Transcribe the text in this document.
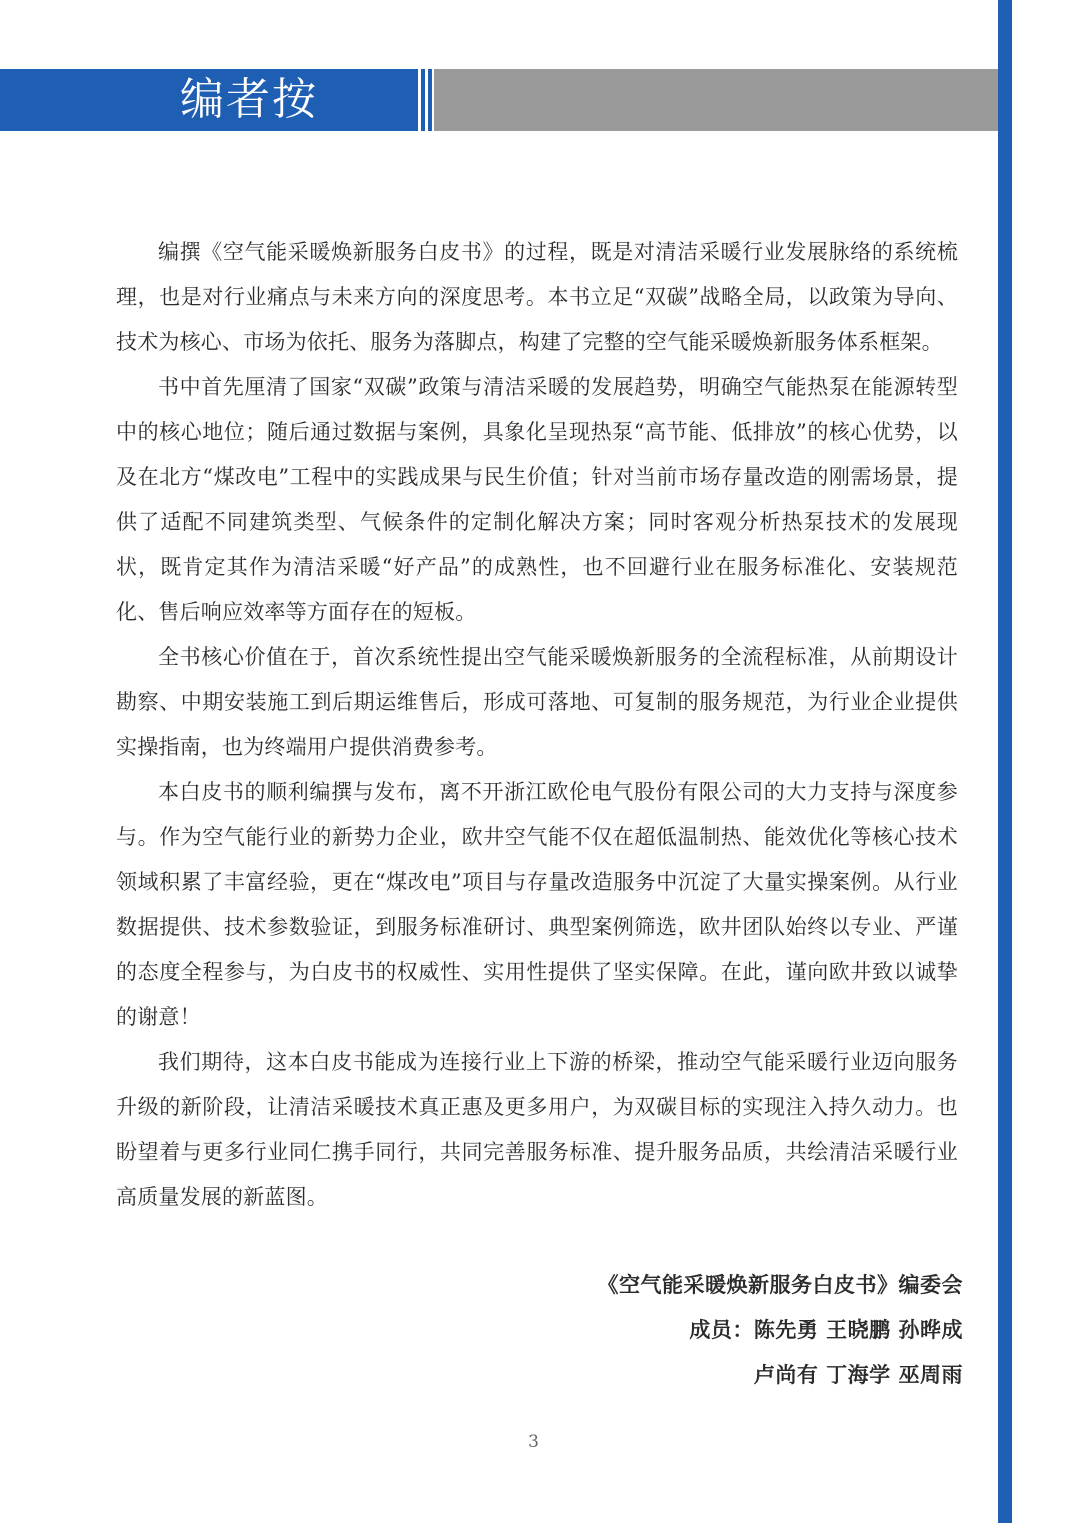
编者按

编撰《空气能采暖焕新服务白皮书》的过程，既是对清洁采暖行业发展脉络的系统梳理，也是对行业痛点与未来方向的深度思考。本书立足“双碳”战略全局，以政策为导向、技术为核心、市场为依托、服务为落脚点，构建了完整的空气能采暖焕新服务体系框架。

书中首先厘清了国家“双碳”政策与清洁采暖的发展趋势，明确空气能热泵在能源转型中的核心地位；随后通过数据与案例，具象化呈现热泵“高节能、低排放”的核心优势，以及在北方“煤改电”工程中的实践成果与民生价值；针对当前市场存量改造的刚需场景，提供了适配不同建筑类型、气候条件的定制化解决方案；同时客观分析热泵技术的发展现状，既肯定其作为清洁采暖“好产品”的成熟性，也不回避行业在服务标准化、安装规范化、售后响应效率等方面存在的短板。

全书核心价值在于，首次系统性提出空气能采暖焕新服务的全流程标准，从前期设计勘察、中期安装施工到后期运维售后，形成可落地、可复制的服务规范，为行业企业提供实操指南，也为终端用户提供消费参考。

本白皮书的顺利编撰与发布，离不开浙江欧伦电气股份有限公司的大力支持与深度参与。作为空气能行业的新势力企业，欧井空气能不仅在超低温制热、能效优化等核心技术领域积累了丰富经验，更在“煤改电”项目与存量改造服务中沉淀了大量实操案例。从行业数据提供、技术参数验证，到服务标准研讨、典型案例筛选，欧井团队始终以专业、严谨的态度全程参与，为白皮书的权威性、实用性提供了坚实保障。在此，谨向欧井致以诚挚的谢意！

我们期待，这本白皮书能成为连接行业上下游的桥梁，推动空气能采暖行业迈向服务升级的新阶段，让清洁采暖技术真正惠及更多用户，为双碳目标的实现注入持久动力。也盼望着与更多行业同仁携手同行，共同完善服务标准、提升服务品质，共绘清洁采暖行业高质量发展的新蓝图。

《空气能采暖焕新服务白皮书》编委会
成员：陈先勇 王晓鹏 孙晔成
卢尚有 丁海学 巫周雨
3
